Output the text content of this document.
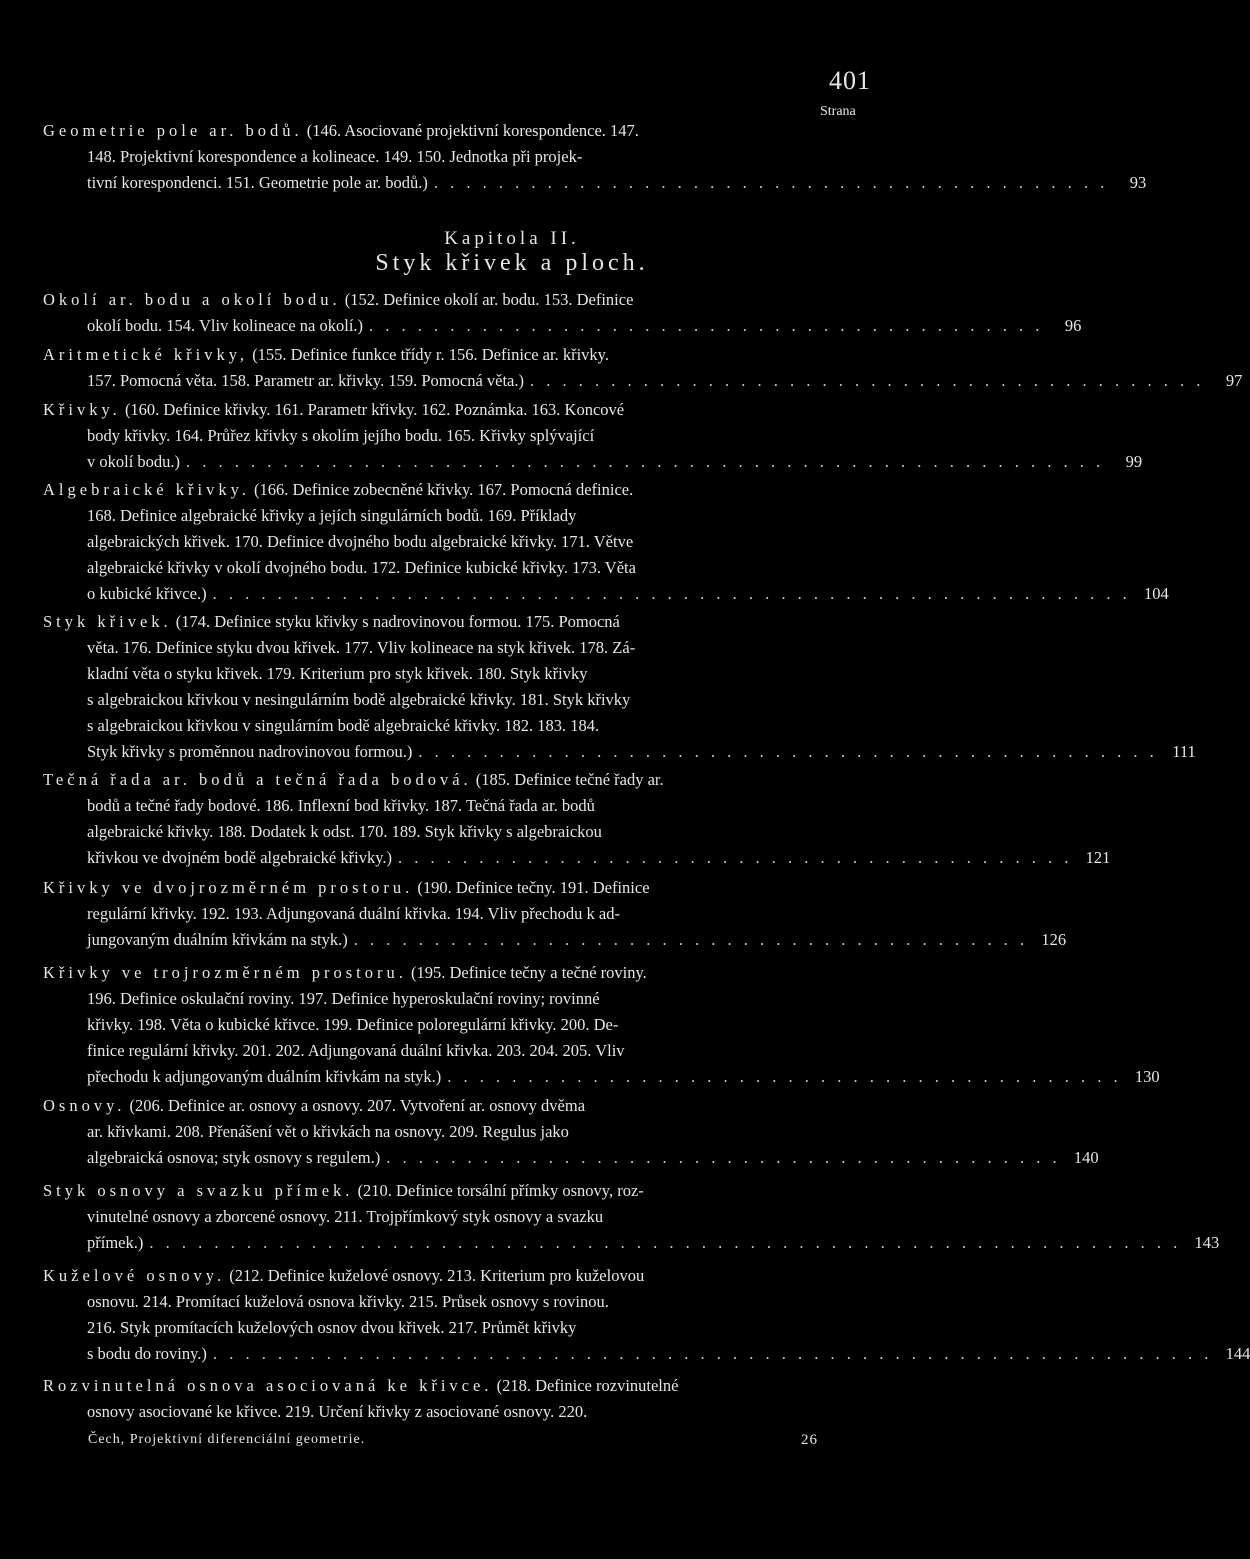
401
Strana
Geometrie pole ar. bodů. (146. Asociované projektivní korespondence. 147.
148. Projektivní korespondence a kolineace. 149. 150. Jednotka při projek-
tivní korespondenci. 151. Geometrie pole ar. bodů.) . . . . . . . . . . . . . . . . . . . . . . . . . . . . . . . . . . . . . . . . . .	93
Kapitola II.
Styk křivek a ploch.
Okolí ar. bodu a okolí bodu. (152. Definice okolí ar. bodu. 153. Definice
okolí bodu. 154. Vliv kolineace na okolí.) . . . . . . . . . . . . . . . . . . . . . . . . . . . . . . . . . . . . . . . . . .	96
Aritmetické křivky, (155. Definice funkce třídy r. 156. Definice ar. křivky.
157. Pomocná věta. 158. Parametr ar. křivky. 159. Pomocná věta.) . . . . . . . . . . . . . . . . . . . . . . . . . . . . . . . . . . . . . . . . . .	97
Křivky. (160. Definice křivky. 161. Parametr křivky. 162. Poznámka. 163. Koncové
body křivky. 164. Průřez křivky s okolím jejího bodu. 165. Křivky splývající
v okolí bodu.) . . . . . . . . . . . . . . . . . . . . . . . . . . . . . . . . . . . . . . . . . . . . . . . . . . . . . . . . .	99
Algebraické křivky. (166. Definice zobecněné křivky. 167. Pomocná definice.
168. Definice algebraické křivky a jejích singulárních bodů. 169. Příklady
algebraických křivek. 170. Definice dvojného bodu algebraické křivky. 171. Větve
algebraické křivky v okolí dvojného bodu. 172. Definice kubické křivky. 173. Věta
o kubické křivce.) . . . . . . . . . . . . . . . . . . . . . . . . . . . . . . . . . . . . . . . . . . . . . . . . . . . . . . . . . 104
Styk křivek. (174. Definice styku křivky s nadrovinovou formou. 175. Pomocná
věta. 176. Definice styku dvou křivek. 177. Vliv kolineace na styk křivek. 178. Zá-
kladní věta o styku křivek. 179. Kriterium pro styk křivek. 180. Styk křivky
s algebraickou křivkou v nesingulárním bodě algebraické křivky. 181. Styk křivky
s algebraickou křivkou v singulárním bodě algebraické křivky. 182. 183. 184.
Styk křivky s proměnnou nadrovinovou formou.) . . . . . . . . . . . . . . . . . . . . . . . . . . . . . . . . . . . . . . . . . . . . . . 111
Tečná řada ar. bodů a tečná řada bodová. (185. Definice tečné řady ar.
bodů a tečné řady bodové. 186. Inflexní bod křivky. 187. Tečná řada ar. bodů
algebraické křivky. 188. Dodatek k odst. 170. 189. Styk křivky s algebraickou
křivkou ve dvojném bodě algebraické křivky.) . . . . . . . . . . . . . . . . . . . . . . . . . . . . . . . . . . . . . . . . . . 121
Křivky ve dvojrozměrném prostoru. (190. Definice tečny. 191. Definice
regulární křivky. 192. 193. Adjungovaná duální křivka. 194. Vliv přechodu k ad-
jungovaným duálním křivkám na styk.) . . . . . . . . . . . . . . . . . . . . . . . . . . . . . . . . . . . . . . . . . . 126
Křivky ve trojrozměrném prostoru. (195. Definice tečny a tečné roviny.
196. Definice oskulační roviny. 197. Definice hyperoskulační roviny; rovinné
křivky. 198. Věta o kubické křivce. 199. Definice poloregulární křivky. 200. De-
finice regulární křivky. 201. 202. Adjungovaná duální křivka. 203. 204. 205. Vliv
přechodu k adjungovaným duálním křivkám na styk.) . . . . . . . . . . . . . . . . . . . . . . . . . . . . . . . . . . . . . . . . . . 130
Osnovy. (206. Definice ar. osnovy a osnovy. 207. Vytvoření ar. osnovy dvěma
ar. křivkami. 208. Přenášení vět o křivkách na osnovy. 209. Regulus jako
algebraická osnova; styk osnovy s regulem.) . . . . . . . . . . . . . . . . . . . . . . . . . . . . . . . . . . . . . . . . . . 140
Styk osnovy a svazku přímek. (210. Definice torsální přímky osnovy, roz-
vinutelné osnovy a zborcené osnovy. 211. Trojpřímkový styk osnovy a svazku
přímek.) . . . . . . . . . . . . . . . . . . . . . . . . . . . . . . . . . . . . . . . . . . . . . . . . . . . . . . . . . . . . . . . . 143
Kuželové osnovy. (212. Definice kuželové osnovy. 213. Kriterium pro kuželovou
osnovu. 214. Promítací kuželová osnova křivky. 215. Průsek osnovy s rovinou.
216. Styk promítacích kuželových osnov dvou křivek. 217. Průmět křivky
s bodu do roviny.) . . . . . . . . . . . . . . . . . . . . . . . . . . . . . . . . . . . . . . . . . . . . . . . . . . . . . . . . . . . . . . 144
Rozvinutelná osnova asociovaná ke křivce. (218. Definice rozvinutelné
osnovy asociované ke křivce. 219. Určení křivky z asociované osnovy. 220.
Čech, Projektivní diferenciální geometrie.	26
